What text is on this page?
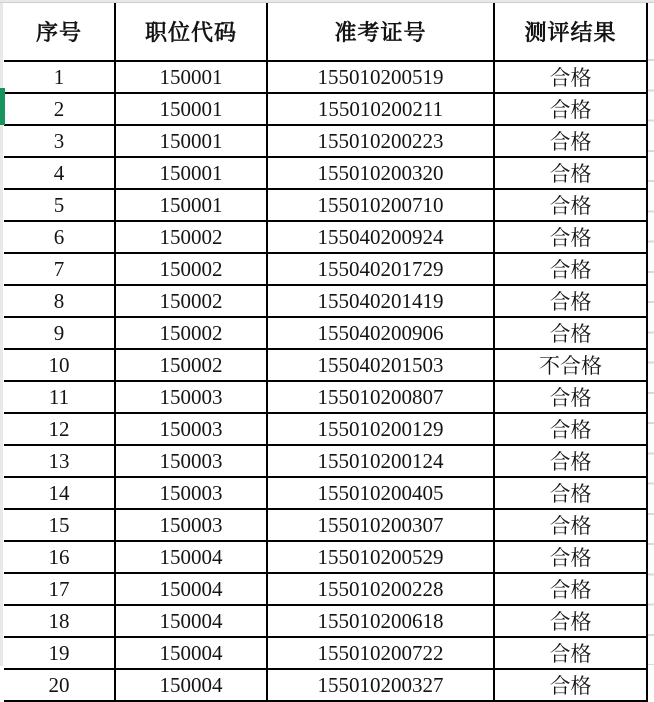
序号	职位代码	准考证号	测评结果
1	150001	155010200519	合格
2	150001	155010200211	合格
3	150001	155010200223	合格
4	150001	155010200320	合格
5	150001	155010200710	合格
6	150002	155040200924	合格
7	150002	155040201729	合格
8	150002	155040201419	合格
9	150002	155040200906	合格
10	150002	155040201503	不合格
11	150003	155010200807	合格
12	150003	155010200129	合格
13	150003	155010200124	合格
14	150003	155010200405	合格
15	150003	155010200307	合格
16	150004	155010200529	合格
17	150004	155010200228	合格
18	150004	155010200618	合格
19	150004	155010200722	合格
20	150004	155010200327	合格
